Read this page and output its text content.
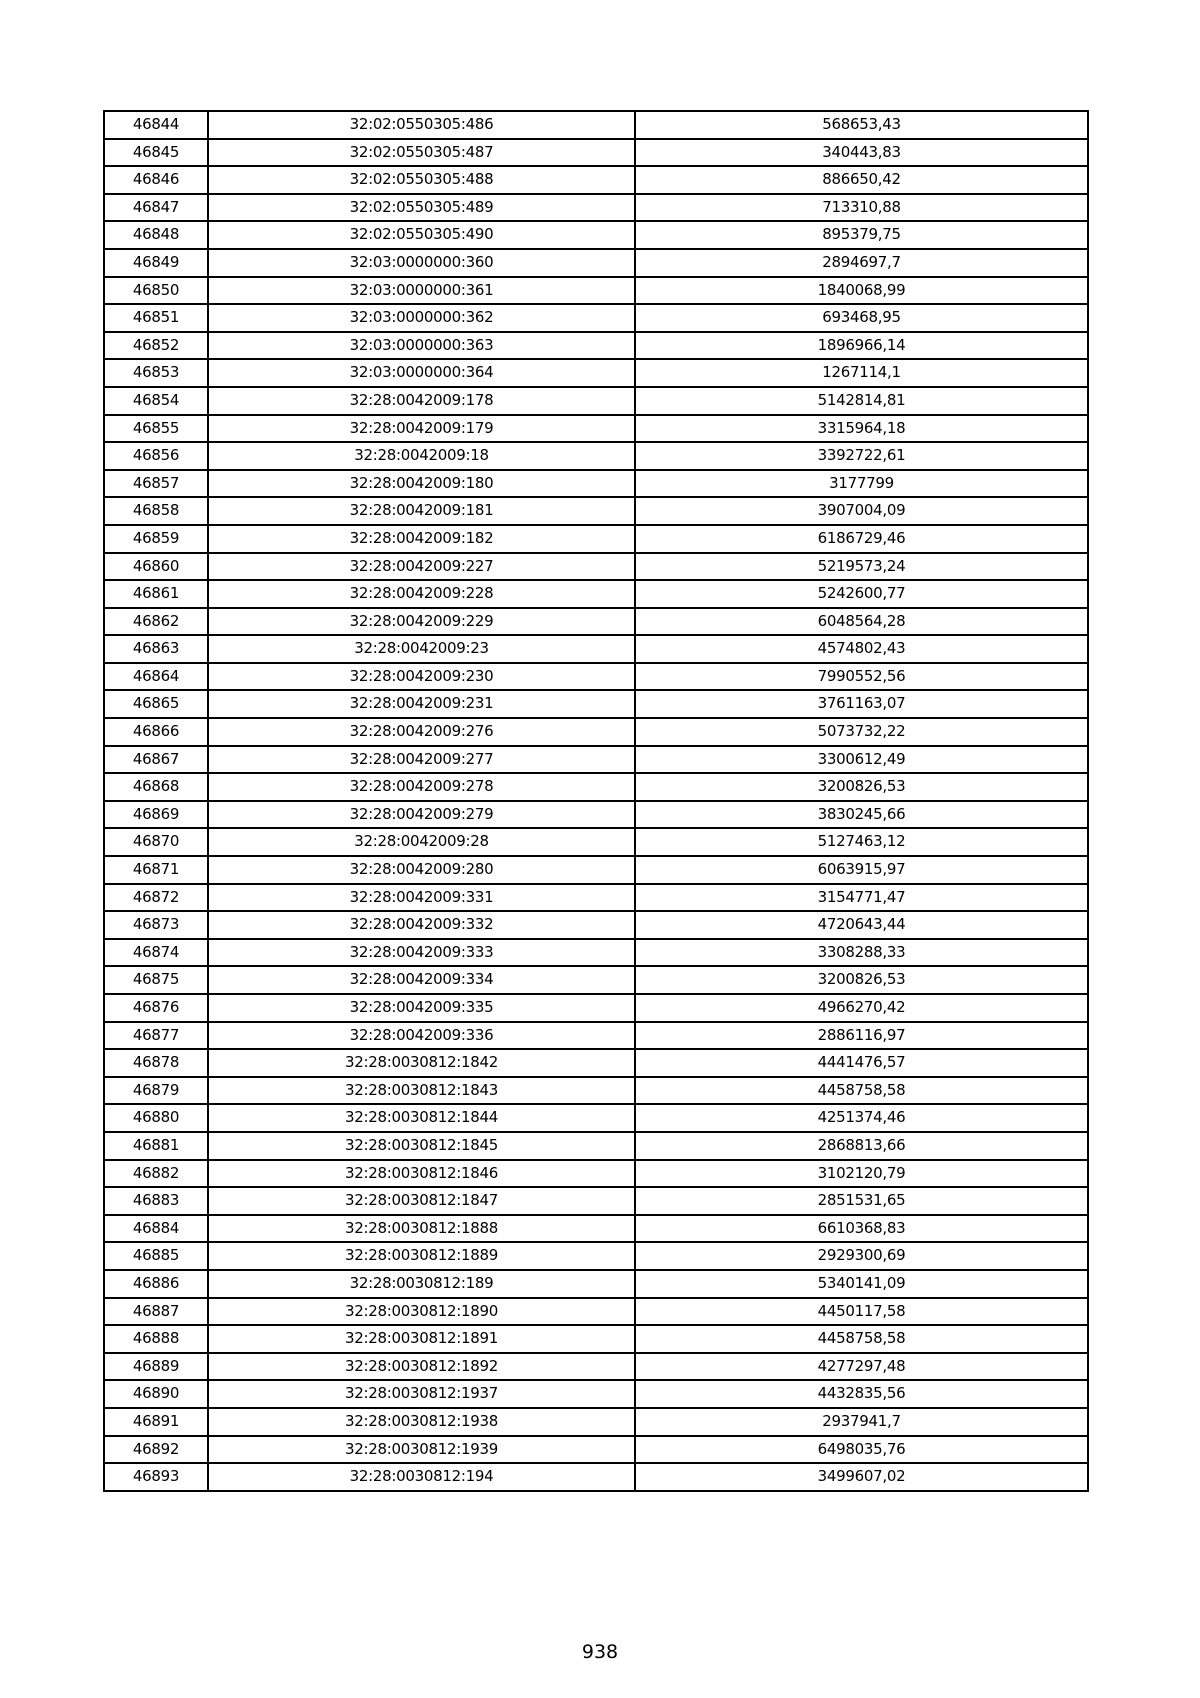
46844	32:02:0550305:486	568653,43
46845	32:02:0550305:487	340443,83
46846	32:02:0550305:488	886650,42
46847	32:02:0550305:489	713310,88
46848	32:02:0550305:490	895379,75
46849	32:03:0000000:360	2894697,7
46850	32:03:0000000:361	1840068,99
46851	32:03:0000000:362	693468,95
46852	32:03:0000000:363	1896966,14
46853	32:03:0000000:364	1267114,1
46854	32:28:0042009:178	5142814,81
46855	32:28:0042009:179	3315964,18
46856	32:28:0042009:18	3392722,61
46857	32:28:0042009:180	3177799
46858	32:28:0042009:181	3907004,09
46859	32:28:0042009:182	6186729,46
46860	32:28:0042009:227	5219573,24
46861	32:28:0042009:228	5242600,77
46862	32:28:0042009:229	6048564,28
46863	32:28:0042009:23	4574802,43
46864	32:28:0042009:230	7990552,56
46865	32:28:0042009:231	3761163,07
46866	32:28:0042009:276	5073732,22
46867	32:28:0042009:277	3300612,49
46868	32:28:0042009:278	3200826,53
46869	32:28:0042009:279	3830245,66
46870	32:28:0042009:28	5127463,12
46871	32:28:0042009:280	6063915,97
46872	32:28:0042009:331	3154771,47
46873	32:28:0042009:332	4720643,44
46874	32:28:0042009:333	3308288,33
46875	32:28:0042009:334	3200826,53
46876	32:28:0042009:335	4966270,42
46877	32:28:0042009:336	2886116,97
46878	32:28:0030812:1842	4441476,57
46879	32:28:0030812:1843	4458758,58
46880	32:28:0030812:1844	4251374,46
46881	32:28:0030812:1845	2868813,66
46882	32:28:0030812:1846	3102120,79
46883	32:28:0030812:1847	2851531,65
46884	32:28:0030812:1888	6610368,83
46885	32:28:0030812:1889	2929300,69
46886	32:28:0030812:189	5340141,09
46887	32:28:0030812:1890	4450117,58
46888	32:28:0030812:1891	4458758,58
46889	32:28:0030812:1892	4277297,48
46890	32:28:0030812:1937	4432835,56
46891	32:28:0030812:1938	2937941,7
46892	32:28:0030812:1939	6498035,76
46893	32:28:0030812:194	3499607,02
938
